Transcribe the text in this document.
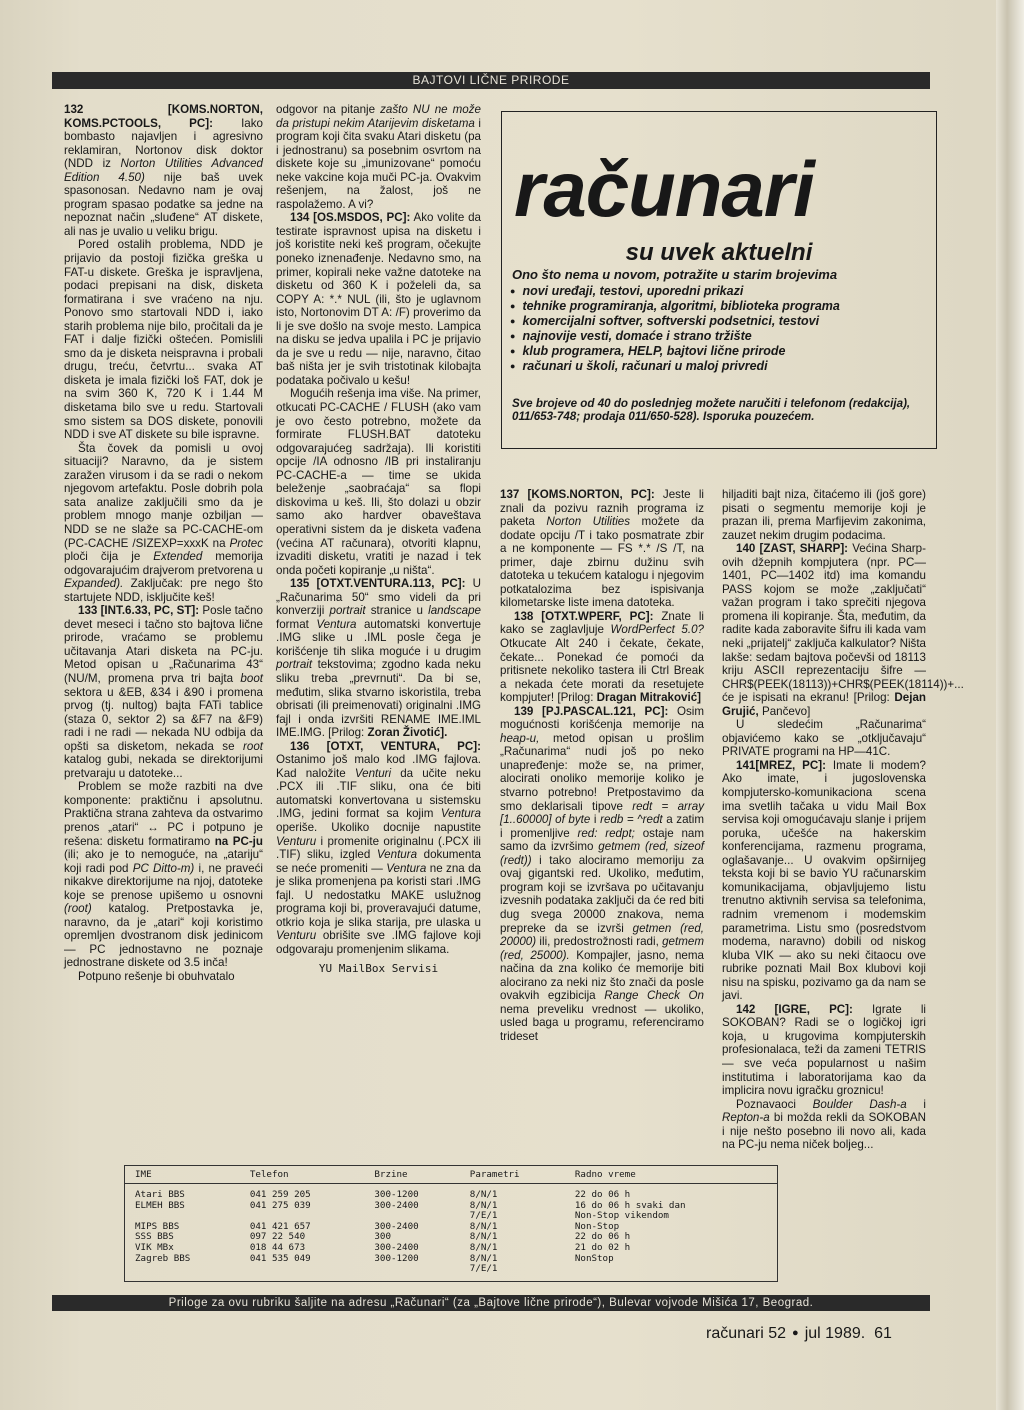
BAJTOVI LIČNE PRIRODE

132 [KOMS.NORTON, KOMS.PCTOOLS, PC]: Iako bombasto najavljen i agresivno reklamiran, Nortonov disk doktor (NDD iz Norton Utilities Advanced Edition 4.50) nije baš uvek spasonosan. Nedavno nam je ovaj program spasao podatke sa jedne na nepoznat način „sluđene“ AT diskete, ali nas je uvalio u veliku brigu.

Pored ostalih problema, NDD je prijavio da postoji fizička greška u FAT-u diskete. Greška je ispravljena, podaci prepisani na disk, disketa formatirana i sve vraćeno na nju. Ponovo smo startovali NDD i, iako starih problema nije bilo, pročitali da je FAT i dalje fizički oštećen. Pomislili smo da je disketa neispravna i probali drugu, treću, četvrtu... svaka AT disketa je imala fizički loš FAT, dok je na svim 360 K, 720 K i 1.44 M disketama bilo sve u redu. Startovali smo sistem sa DOS diskete, ponovili NDD i sve AT diskete su bile ispravne.

Šta čovek da pomisli u ovoj situaciji? Naravno, da je sistem zaražen virusom i da se radi o nekom njegovom artefaktu. Posle dobrih pola sata analize zaključili smo da je problem mnogo manje ozbiljan — NDD se ne slaže sa PC-CACHE-om (PC-CACHE /SIZEXP=xxxK na Protec ploči čija je Extended memorija odgovarajućim drajverom pretvorena u Expanded). Zaključak: pre nego što startujete NDD, isključite keš!

133 [INT.6.33, PC, ST]: Posle tačno devet meseci i tačno sto bajtova lične prirode, vraćamo se problemu učitavanja Atari disketa na PC-ju. Metod opisan u „Računarima 43“ (NU/M, promena prva tri bajta boot sektora u &EB, &34 i &90 i promena prvog (tj. nultog) bajta FATi tablice (staza 0, sektor 2) sa &F7 na &F9) radi i ne radi — nekada NU odbija da opšti sa disketom, nekada se root katalog gubi, nekada se direktorijumi pretvaraju u datoteke...

Problem se može razbiti na dve komponente: praktičnu i apsolutnu. Praktična strana zahteva da ostvarimo prenos „atari“ ↔ PC i potpuno je rešena: disketu formatiramo na PC-ju (ili; ako je to nemoguće, na „atariju“ koji radi pod PC Ditto-m) i, ne praveći nikakve direktorijume na njoj, datoteke koje se prenose upišemo u osnovni (root) katalog. Pretpostavka je, naravno, da je „atari“ koji koristimo opremljen dvostranom disk jedinicom — PC jednostavno ne poznaje jednostrane diskete od 3.5 inča!

Potpuno rešenje bi obuhvatalo

odgovor na pitanje zašto NU ne može da pristupi nekim Atarijevim disketama i program koji čita svaku Atari disketu (pa i jednostranu) sa posebnim osvrtom na diskete koje su „imunizovane“ pomoću neke vakcine koja muči PC-ja. Ovakvim rešenjem, na žalost, još ne raspolažemo. A vi?

134 [OS.MSDOS, PC]: Ako volite da testirate ispravnost upisa na disketu i još koristite neki keš program, očekujte poneko iznenađenje. Nedavno smo, na primer, kopirali neke važne datoteke na disketu od 360 K i poželeli da, sa COPY A: *.* NUL (ili, što je uglavnom isto, Nortonovim DT A: /F) proverimo da li je sve došlo na svoje mesto. Lampica na disku se jedva upalila i PC je prijavio da je sve u redu — nije, naravno, čitao baš ništa jer je svih tristotinak kilobajta podataka počivalo u kešu!

Mogućih rešenja ima više. Na primer, otkucati PC-CACHE / FLUSH (ako vam je ovo često potrebno, možete da formirate FLUSH.BAT datoteku odgovarajućeg sadržaja). Ili koristiti opcije /IA odnosno /IB pri instaliranju PC-CACHE-a — time se ukida beleženje „saobraćaja“ sa flopi diskovima u keš. Ili, što dolazi u obzir samo ako hardver obaveštava operativni sistem da je disketa vađena (većina AT računara), otvoriti klapnu, izvaditi disketu, vratiti je nazad i tek onda početi kopiranje „u ništa“.

135 [OTXT.VENTURA.113, PC]: U „Računarima 50“ smo videli da pri konverziji portrait stranice u landscape format Ventura automatski konvertuje .IMG slike u .IML posle čega je korišćenje tih slika moguće i u drugim portrait tekstovima; zgodno kada neku sliku treba „prevrnuti“. Da bi se, međutim, slika stvarno iskoristila, treba obrisati (ili preimenovati) originalni .IMG fajl i onda izvršiti RENAME IME.IML IME.IMG. [Prilog: Zoran Životić].

136 [OTXT, VENTURA, PC]: Ostanimo još malo kod .IMG fajlova. Kad naložite Venturi da učite neku .PCX ili .TIF sliku, ona će biti automatski konvertovana u sistemsku .IMG, jedini format sa kojim Ventura operiše. Ukoliko docnije napustite Venturu i promenite originalnu (.PCX ili .TIF) sliku, izgled Ventura dokumenta se neće promeniti — Ventura ne zna da je slika promenjena pa koristi stari .IMG fajl. U nedostatku MAKE uslužnog programa koji bi, proveravajući datume, otkrio koja je slika starija, pre ulaska u Venturu obrišite sve .IMG fajlove koji odgovaraju promenjenim slikama.

YU MailBox Servisi
računari
su uvek aktuelni
Ono što nema u novom, potražite u starim brojevima
● novi uređaji, testovi, uporedni prikazi
● tehnike programiranja, algoritmi, biblioteka programa
● komercijalni softver, softverski podsetnici, testovi
● najnovije vesti, domaće i strano tržište
● klub programera, HELP, bajtovi lične prirode
● računari u školi, računari u maloj privredi
Sve brojeve od 40 do poslednjeg možete naručiti i telefonom (redakcija), 011/653-748; prodaja 011/650-528). Isporuka pouzećem.

137 [KOMS.NORTON, PC]: Jeste li znali da pozivu raznih programa iz paketa Norton Utilities možete da dodate opciju /T i tako posmatrate zbir a ne komponente — FS *.* /S /T, na primer, daje zbirnu dužinu svih datoteka u tekućem katalogu i njegovim potkatalozima bez ispisivanja kilometarske liste imena datoteka.

138 [OTXT.WPERF, PC]: Znate li kako se zaglavljuje WordPerfect 5.0? Otkucate Alt 240 i čekate, čekate, čekate... Ponekad će pomoći da pritisnete nekoliko tastera ili Ctrl Break a nekada ćete morati da resetujete kompjuter! [Prilog: Dragan Mitraković]

139 [PJ.PASCAL.121, PC]: Osim mogućnosti korišćenja memorije na heap-u, metod opisan u prošlim „Računarima“ nudi još po neko unapređenje: može se, na primer, alocirati onoliko memorije koliko je stvarno potrebno! Pretpostavimo da smo deklarisali tipove redt = array [1..60000] of byte i redb = ^redt a zatim i promenljive red: redpt; ostaje nam samo da izvršimo getmem (red, sizeof (redt)) i tako alociramo memoriju za ovaj gigantski red. Ukoliko, međutim, program koji se izvršava po učitavanju izvesnih podataka zaključi da će red biti dug svega 20000 znakova, nema prepreke da se izvrši getmen (red, 20000) ili, predostrožnosti radi, getmem (red, 25000). Kompajler, jasno, nema načina da zna koliko će memorije biti alocirano za neki niz što znači da posle ovakvih egzibicija Range Check On nema preveliku vrednost — ukoliko, usled baga u programu, referenciramo trideset

hiljaditi bajt niza, čitaćemo ili (još gore) pisati o segmentu memorije koji je prazan ili, prema Marfijevim zakonima, zauzet nekim drugim podacima.

140 [ZAST, SHARP]: Većina Sharp-ovih džepnih kompjutera (npr. PC—1401, PC—1402 itd) ima komandu PASS kojom se može „zaključati“ važan program i tako sprečiti njegova promena ili kopiranje. Šta, međutim, da radite kada zaboravite šifru ili kada vam neki „prijatelj“ zaključa kalkulator? Ništa lakše: sedam bajtova počevši od 18113 kriju ASCII reprezentaciju šifre — CHR$(PEEK(18113))+CHR$(PEEK(18114))+... će je ispisati na ekranu! [Prilog: Dejan Grujić, Pančevo]

U sledećim „Računarima“ objavićemo kako se „otključavaju“ PRIVATE programi na HP—41C.

141[MREZ, PC]: Imate li modem? Ako imate, i jugoslovenska kompjutersko-komunikaciona scena ima svetlih tačaka u vidu Mail Box servisa koji omogućavaju slanje i prijem poruka, učešće na hakerskim konferencijama, razmenu programa, oglašavanje... U ovakvim opširnijeg teksta koji bi se bavio YU računarskim komunikacijama, objavljujemo listu trenutno aktivnih servisa sa telefonima, radnim vremenom i modemskim parametrima. Listu smo (posredstvom modema, naravno) dobili od niskog kluba VIK — ako su neki čitaocu ove rubrike poznati Mail Box klubovi koji nisu na spisku, pozivamo ga da nam se javi.

142 [IGRE, PC]: Igrate li SOKOBAN? Radi se o logičkoj igri koja, u krugovima kompjuterskih profesionalaca, teži da zameni TETRIS — sve veća popularnost u našim institutima i laboratorijama kao da implicira novu igračku groznicu!

Poznavaoci Boulder Dash-a i Repton-a bi možda rekli da SOKOBAN i nije nešto posebno ili novo ali, kada na PC-ju nema niček boljeg...

IME	Telefon	Brzine	Parametri	Radno vreme
Atari BBS	041 259 205	300-1200	8/N/1	22 do 06 h
ELMEH BBS	041 275 039	300-2400	8/N/1	16 do 06 h svaki dan
			7/E/1	Non-Stop vikendom
MIPS BBS	041 421 657	300-2400	8/N/1	Non-Stop
SSS BBS	097 22 540	300	8/N/1	22 do 06 h
VIK MBx	018 44 673	300-2400	8/N/1	21 do 02 h
Zagreb BBS	041 535 049	300-1200	8/N/1	NonStop
			7/E/1	
Priloge za ovu rubriku šaljite na adresu „Računari“ (za „Bajtove lične prirode“), Bulevar vojvode Mišića 17, Beograd.
računari 52 ● jul 1989. 61
